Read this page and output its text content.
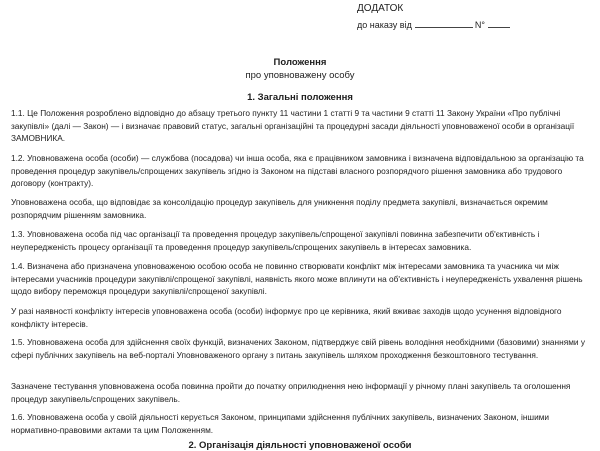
ДОДАТОК
до наказу від	N°
Положення
про уповноважену особу
1. Загальні положення

1.1. Це Положення розроблено відповідно до абзацу третього пункту 11 частини 1 статті 9 та частини 9 статті 11 Закону України «Про публічні закупівлі» (далі — Закон) — і визначає правовий статус, загальні організаційні та процедурні засади діяльності уповноваженої особи в організації ЗАМОВНИКА.

1.2. Уповноважена особа (особи) — службова (посадова) чи інша особа, яка є працівником замовника і визначена відповідальною за організацію та проведення процедур закупівель/спрощених закупівель згідно із Законом на підставі власного розпорядчого рішення замовника або трудового договору (контракту).

Уповноважена особа, що відповідає за консолідацію процедур закупівель для уникнення поділу предмета закупівлі, визначається окремим розпорядчим рішенням замовника.

1.3. Уповноважена особа під час організації та проведення процедур закупівель/спрощеної закупівлі повинна забезпечити об'єктивність і неупередженість процесу організації та проведення процедур закупівель/спрощених закупівель в інтересах замовника.

1.4. Визначена або призначена уповноваженою особою особа не повинно створювати конфлікт між інтересами замовника та учасника чи між інтересами учасників процедури закупівлі/спрощеної закупівлі, наявність якого може вплинути на об'єктивність і неупередженість ухвалення рішень щодо вибору переможця процедури закупівлі/спрощеної закупівлі.

У разі наявності конфлікту інтересів уповноважена особа (особи) інформує про це керівника, який вживає заходів щодо усунення відповідного конфлікту інтересів.

1.5. Уповноважена особа для здійснення своїх функцій, визначених Законом, підтверджує свій рівень володіння необхідними (базовими) знаннями у сфері публічних закупівель на веб-порталі Уповноваженого органу з питань закупівель шляхом проходження безкоштовного тестування.

Зазначене тестування уповноважена особа повинна пройти до початку оприлюднення нею інформації у річному плані закупівель та оголошення процедур закупівель/спрощених закупівель.

1.6. Уповноважена особа у своїй діяльності керується Законом, принципами здійснення публічних закупівель, визначених Законом, іншими нормативно-правовими актами та цим Положенням.

2. Організація діяльності уповноваженої особи
